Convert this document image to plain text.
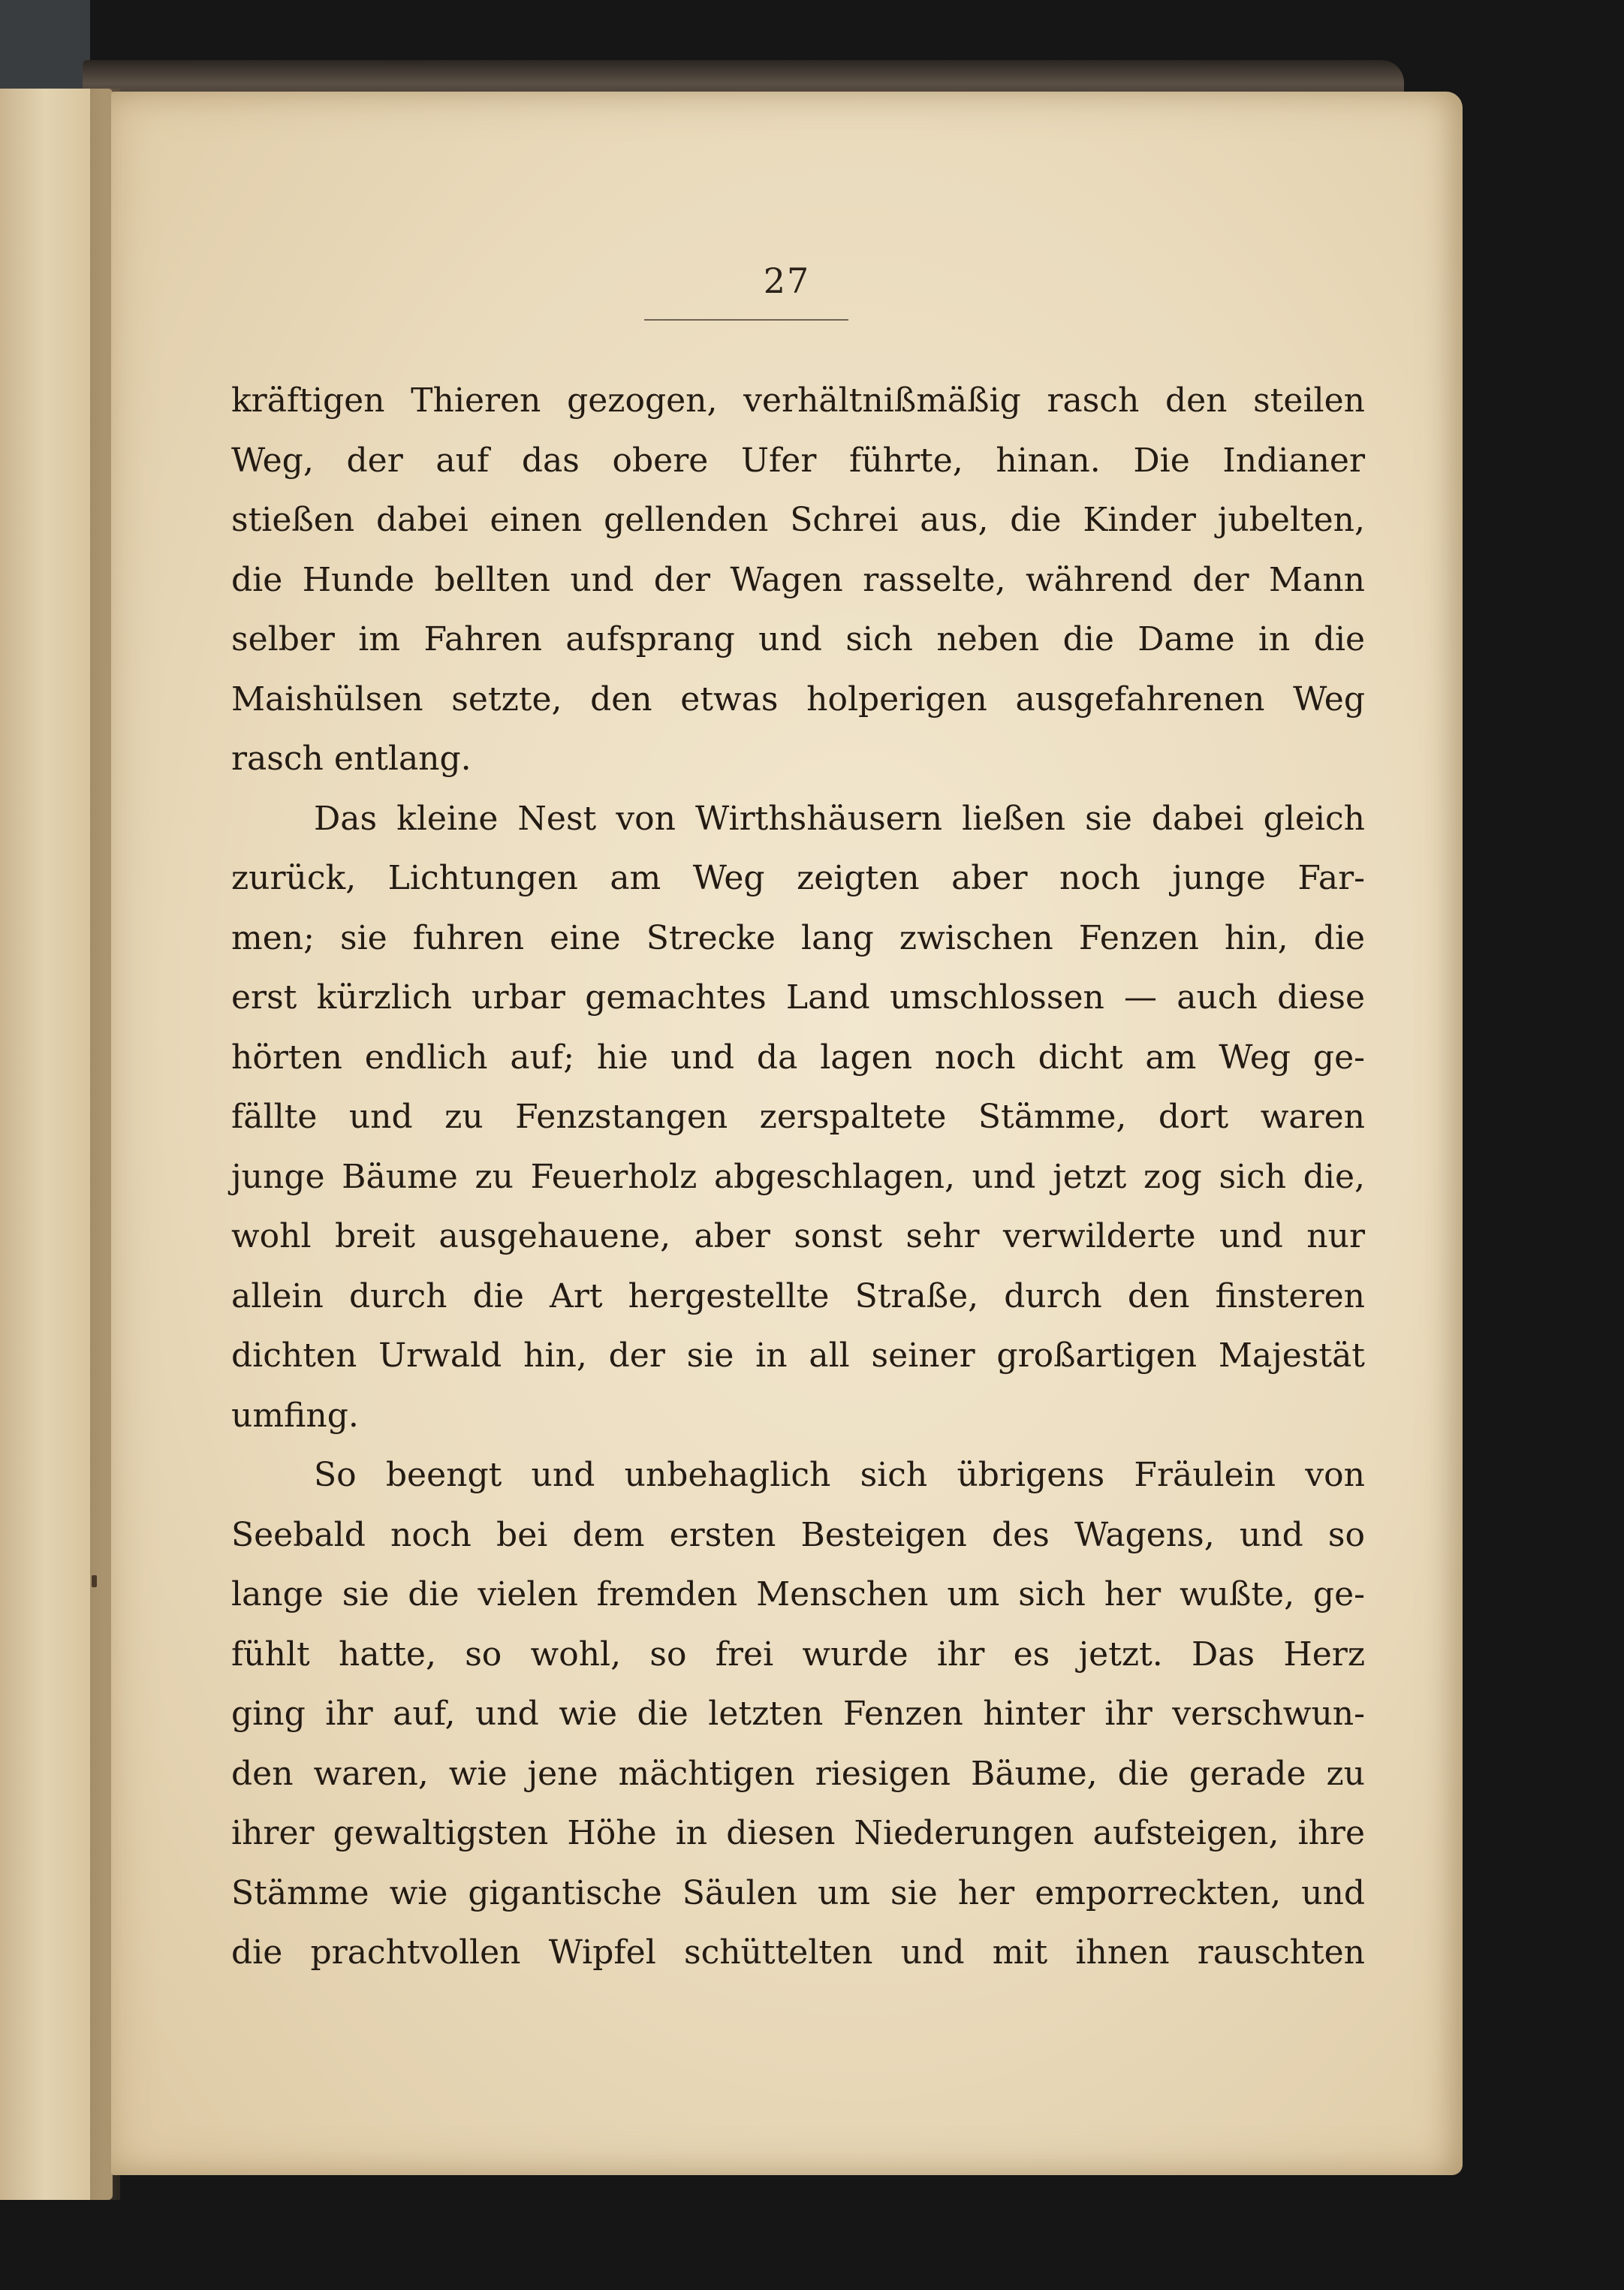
27
kräftigen Thieren gezogen, verhältnißmäßig rasch den steilen
Weg, der auf das obere Ufer führte, hinan. Die Indianer
stießen dabei einen gellenden Schrei aus, die Kinder jubelten,
die Hunde bellten und der Wagen rasselte, während der Mann
selber im Fahren aufsprang und sich neben die Dame in die
Maishülsen setzte, den etwas holperigen ausgefahrenen Weg
rasch entlang.
Das kleine Nest von Wirthshäusern ließen sie dabei gleich
zurück, Lichtungen am Weg zeigten aber noch junge Far-
men; sie fuhren eine Strecke lang zwischen Fenzen hin, die
erst kürzlich urbar gemachtes Land umschlossen — auch diese
hörten endlich auf; hie und da lagen noch dicht am Weg ge-
fällte und zu Fenzstangen zerspaltete Stämme, dort waren
junge Bäume zu Feuerholz abgeschlagen, und jetzt zog sich die,
wohl breit ausgehauene, aber sonst sehr verwilderte und nur
allein durch die Art hergestellte Straße, durch den finsteren
dichten Urwald hin, der sie in all seiner großartigen Majestät
umfing.
So beengt und unbehaglich sich übrigens Fräulein von
Seebald noch bei dem ersten Besteigen des Wagens, und so
lange sie die vielen fremden Menschen um sich her wußte, ge-
fühlt hatte, so wohl, so frei wurde ihr es jetzt. Das Herz
ging ihr auf, und wie die letzten Fenzen hinter ihr verschwun-
den waren, wie jene mächtigen riesigen Bäume, die gerade zu
ihrer gewaltigsten Höhe in diesen Niederungen aufsteigen, ihre
Stämme wie gigantische Säulen um sie her emporreckten, und
die prachtvollen Wipfel schüttelten und mit ihnen rauschten
